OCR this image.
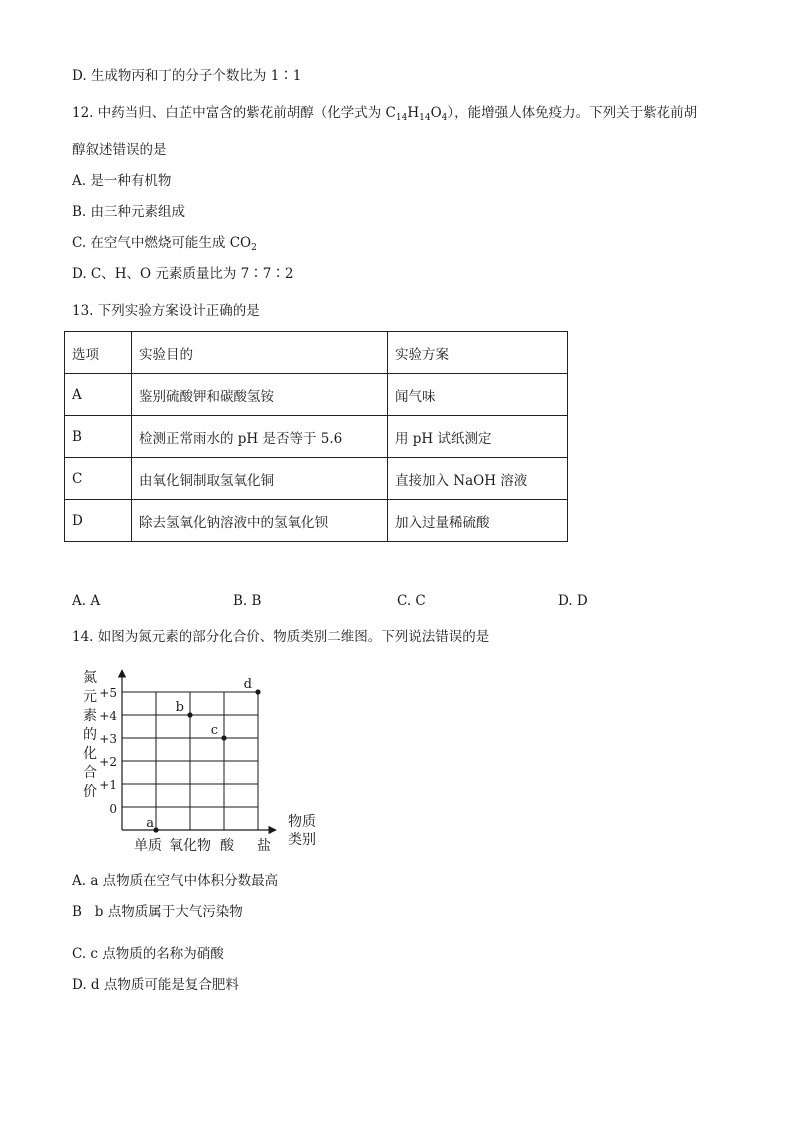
D. 生成物丙和丁的分子个数比为 1∶1
12. 中药当归、白芷中富含的紫花前胡醇（化学式为 $C_{14}H_{14}O_4$），能增强人体免疫力。下列关于紫花前胡
醇叙述错误的是
A. 是一种有机物
B. 由三种元素组成
C. 在空气中燃烧可能生成 $CO_2$
D. C、H、O 元素质量比为 7∶7∶2
13. 下列实验方案设计正确的是
选项	实验目的	实验方案
A	鉴别硫酸钾和碳酸氢铵	闻气味
B	检测正常雨水的 pH 是否等于 5.6	用 pH 试纸测定
C	由氧化铜制取氢氧化铜	直接加入 NaOH 溶液
D	除去氢氧化钠溶液中的氢氧化钡	加入过量稀硫酸
A. A	B. B	C. C	D. D
14. 如图为氮元素的部分化合价、物质类别二维图。下列说法错误的是
氮
元
素
的
化
合
价
0
+1
+2
+3
+4
+5
单质 氧化物 酸 盐
物质
类别
a
b
c
d
A. a 点物质在空气中体积分数最高
B   b 点物质属于大气污染物
C. c 点物质的名称为硝酸
D. d 点物质可能是复合肥料
